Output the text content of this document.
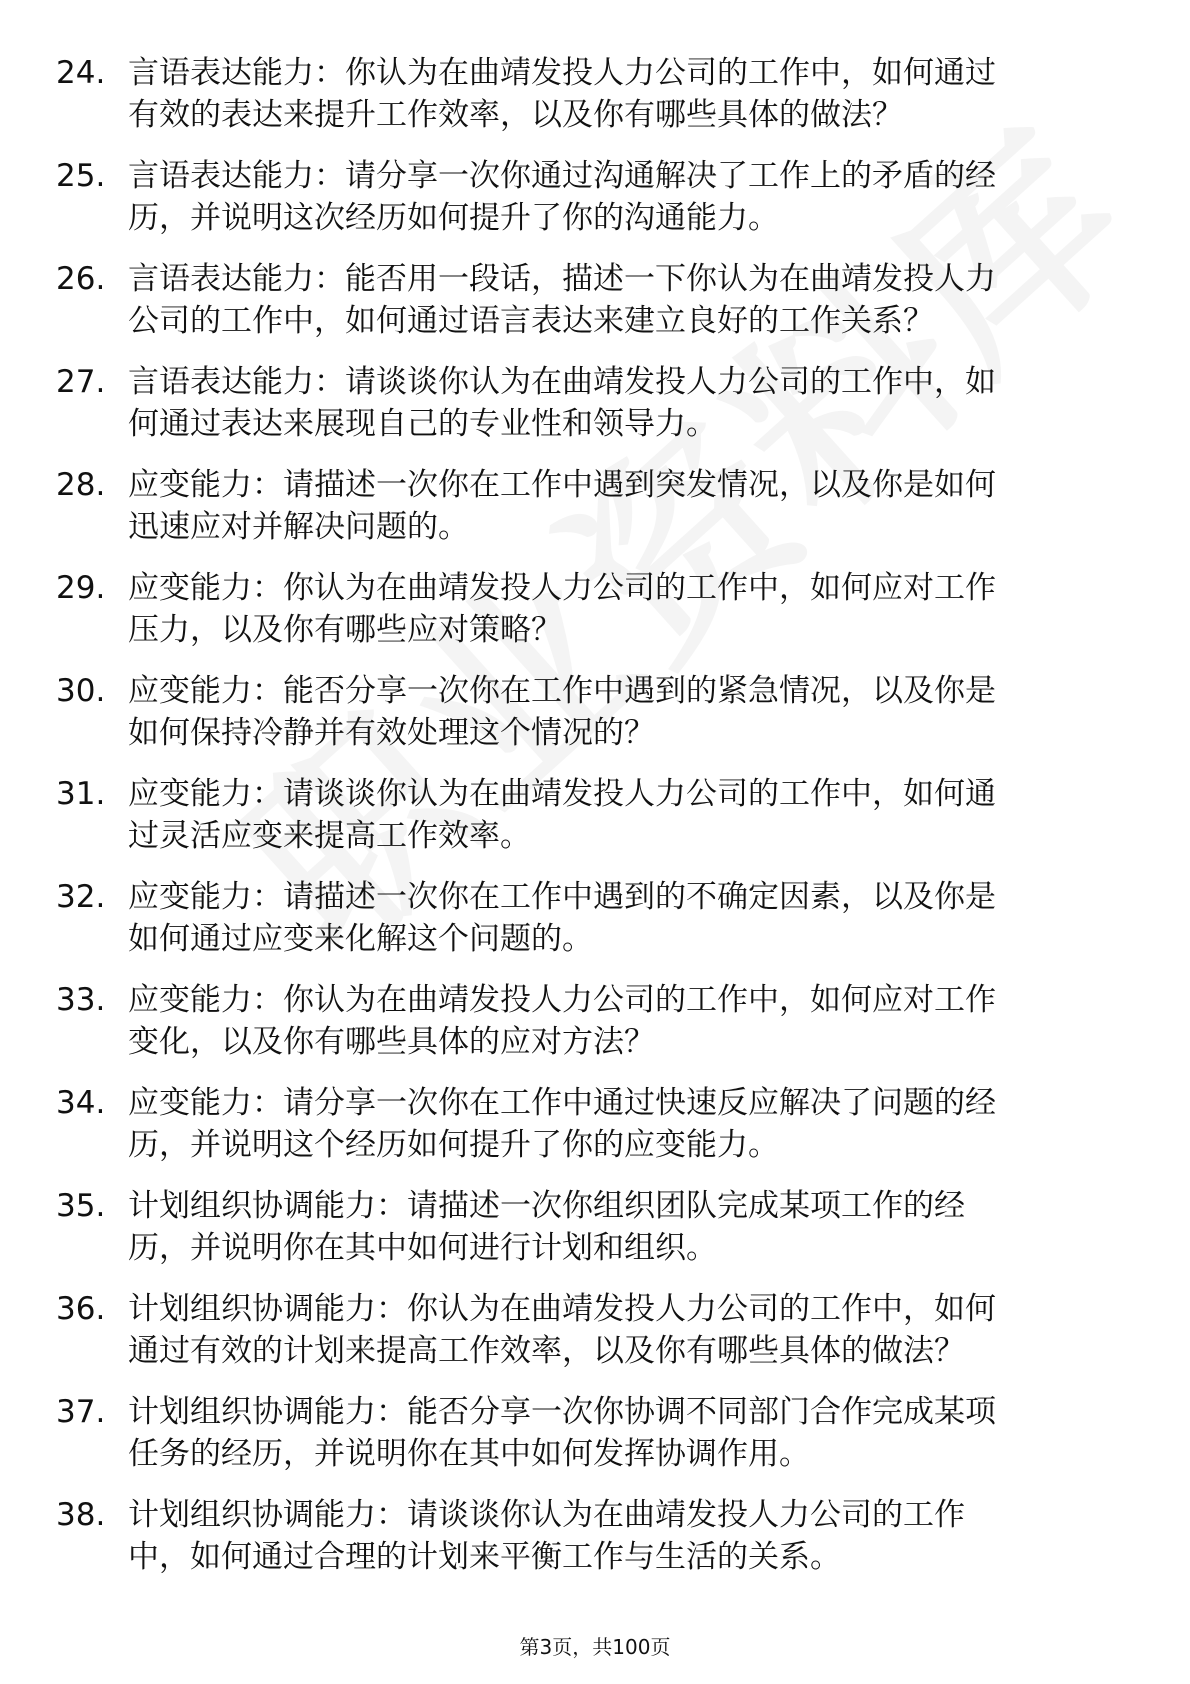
24. 言语表达能力：你认为在曲靖发投人力公司的工作中，如何通过
有效的表达来提升工作效率，以及你有哪些具体的做法？
25. 言语表达能力：请分享一次你通过沟通解决了工作上的矛盾的经
历，并说明这次经历如何提升了你的沟通能力。
26. 言语表达能力：能否用一段话，描述一下你认为在曲靖发投人力
公司的工作中，如何通过语言表达来建立良好的工作关系？
27. 言语表达能力：请谈谈你认为在曲靖发投人力公司的工作中，如
何通过表达来展现自己的专业性和领导力。
28. 应变能力：请描述一次你在工作中遇到突发情况，以及你是如何
迅速应对并解决问题的。
29. 应变能力：你认为在曲靖发投人力公司的工作中，如何应对工作
压力，以及你有哪些应对策略？
30. 应变能力：能否分享一次你在工作中遇到的紧急情况，以及你是
如何保持冷静并有效处理这个情况的？
31. 应变能力：请谈谈你认为在曲靖发投人力公司的工作中，如何通
过灵活应变来提高工作效率。
32. 应变能力：请描述一次你在工作中遇到的不确定因素，以及你是
如何通过应变来化解这个问题的。
33. 应变能力：你认为在曲靖发投人力公司的工作中，如何应对工作
变化，以及你有哪些具体的应对方法？
34. 应变能力：请分享一次你在工作中通过快速反应解决了问题的经
历，并说明这个经历如何提升了你的应变能力。
35. 计划组织协调能力：请描述一次你组织团队完成某项工作的经
历，并说明你在其中如何进行计划和组织。
36. 计划组织协调能力：你认为在曲靖发投人力公司的工作中，如何
通过有效的计划来提高工作效率，以及你有哪些具体的做法？
37. 计划组织协调能力：能否分享一次你协调不同部门合作完成某项
任务的经历，并说明你在其中如何发挥协调作用。
38. 计划组织协调能力：请谈谈你认为在曲靖发投人力公司的工作
中，如何通过合理的计划来平衡工作与生活的关系。
第3页，共100页
